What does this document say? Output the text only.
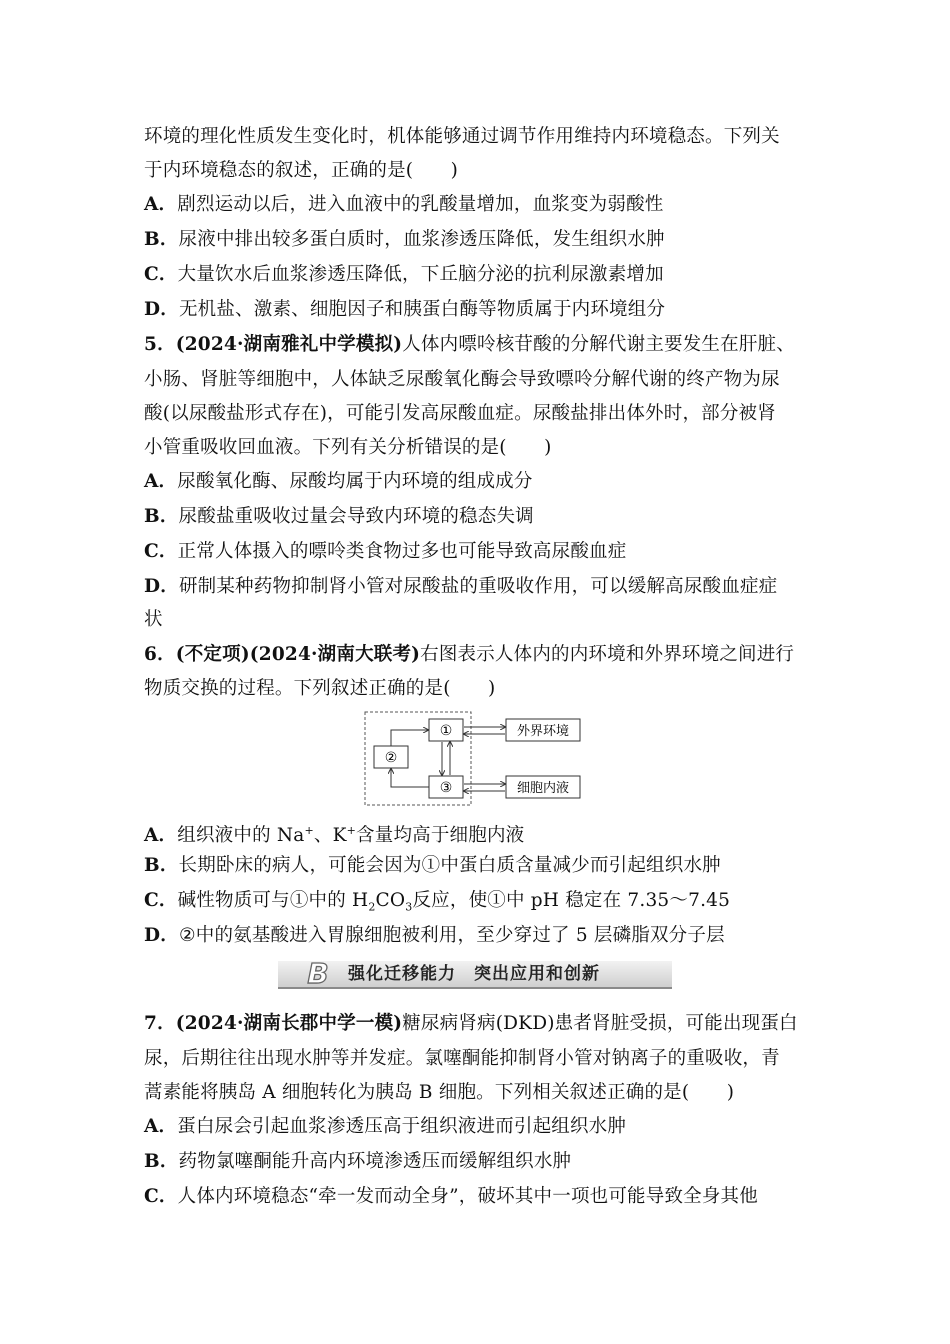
环境的理化性质发生变化时，机体能够通过调节作用维持内环境稳态。下列关
于内环境稳态的叙述，正确的是(　　)
A．剧烈运动以后，进入血液中的乳酸量增加，血浆变为弱酸性
B．尿液中排出较多蛋白质时，血浆渗透压降低，发生组织水肿
C．大量饮水后血浆渗透压降低，下丘脑分泌的抗利尿激素增加
D．无机盐、激素、细胞因子和胰蛋白酶等物质属于内环境组分
5．(2024·湖南雅礼中学模拟)人体内嘌呤核苷酸的分解代谢主要发生在肝脏、
小肠、肾脏等细胞中，人体缺乏尿酸氧化酶会导致嘌呤分解代谢的终产物为尿
酸(以尿酸盐形式存在)，可能引发高尿酸血症。尿酸盐排出体外时，部分被肾
小管重吸收回血液。下列有关分析错误的是(　　)
A．尿酸氧化酶、尿酸均属于内环境的组成成分
B．尿酸盐重吸收过量会导致内环境的稳态失调
C．正常人体摄入的嘌呤类食物过多也可能导致高尿酸血症
D．研制某种药物抑制肾小管对尿酸盐的重吸收作用，可以缓解高尿酸血症症
状
6．(不定项)(2024·湖南大联考)右图表示人体内的内环境和外界环境之间进行
物质交换的过程。下列叙述正确的是(　　)
①
②
③
外界环境
细胞内液
A．组织液中的 Na+、K+含量均高于细胞内液
B．长期卧床的病人，可能会因为①中蛋白质含量减少而引起组织水肿
C．碱性物质可与①中的 $H_2CO_3$反应，使①中 pH 稳定在 7.35～7.45
D．②中的氨基酸进入胃腺细胞被利用，至少穿过了 5 层磷脂双分子层
B 强化迁移能力　突出应用和创新
7．(2024·湖南长郡中学一模)糖尿病肾病(DKD)患者肾脏受损，可能出现蛋白
尿，后期往往出现水肿等并发症。氯噻酮能抑制肾小管对钠离子的重吸收，青
蒿素能将胰岛 A 细胞转化为胰岛 B 细胞。下列相关叙述正确的是(　　)
A．蛋白尿会引起血浆渗透压高于组织液进而引起组织水肿
B．药物氯噻酮能升高内环境渗透压而缓解组织水肿
C．人体内环境稳态“牵一发而动全身”，破坏其中一项也可能导致全身其他
